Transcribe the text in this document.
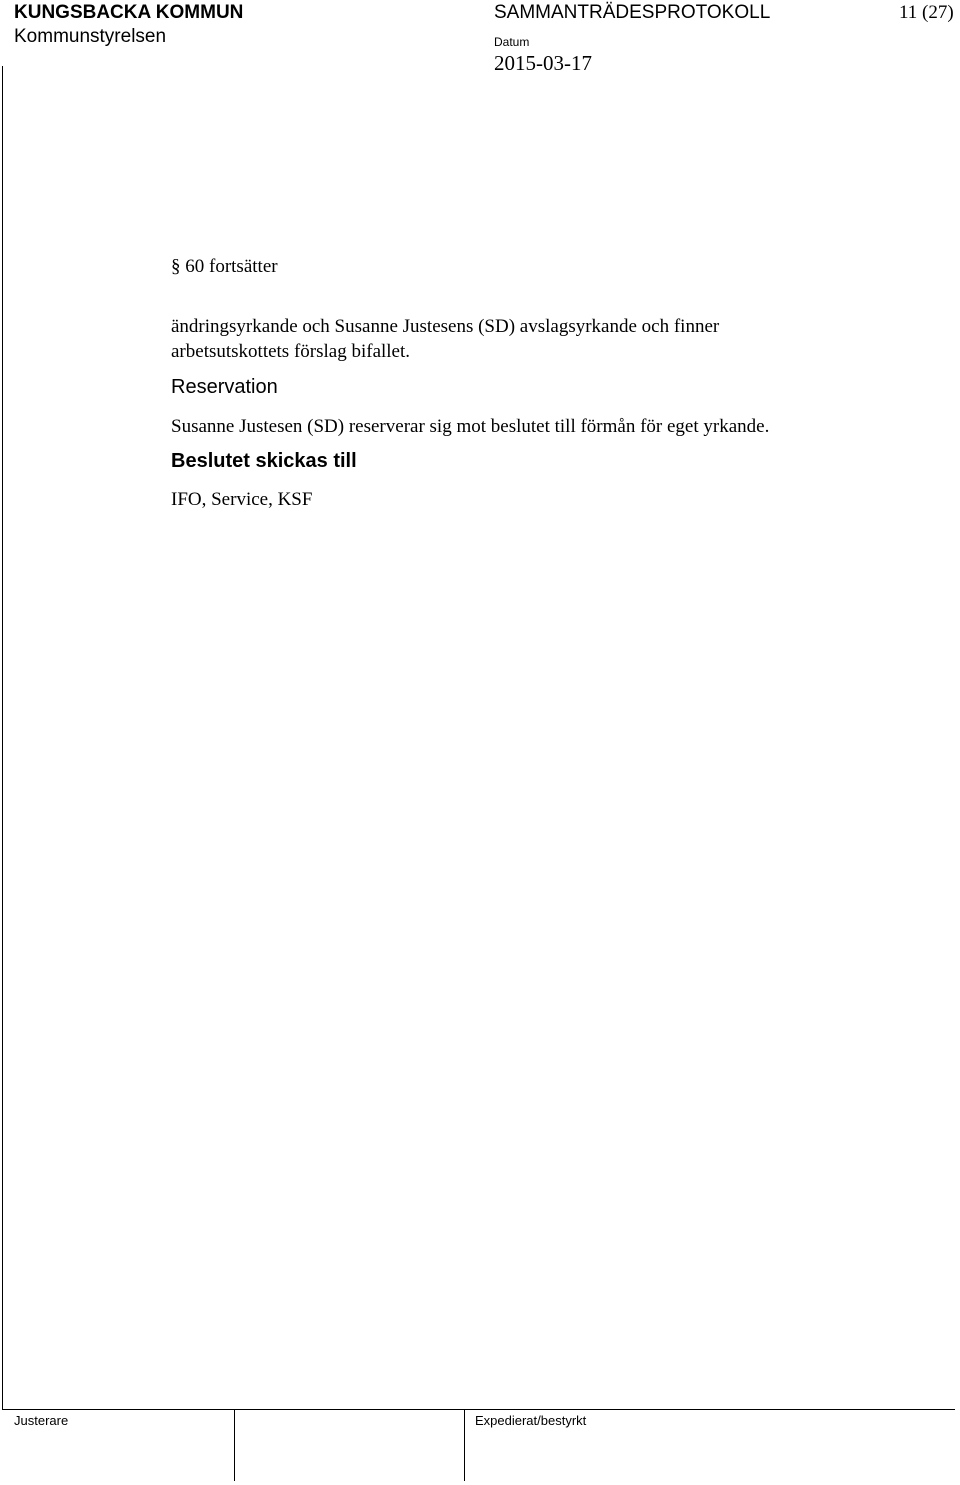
KUNGSBACKA KOMMUN
Kommunstyrelsen
SAMMANTRÄDESPROTOKOLL	11 (27)
Datum
2015-03-17
§ 60 fortsätter
ändringsyrkande och Susanne Justesens (SD) avslagsyrkande och finner
arbetsutskottets förslag bifallet.
Reservation
Susanne Justesen (SD) reserverar sig mot beslutet till förmån för eget yrkande.
Beslutet skickas till
IFO, Service, KSF
Justerare	Expedierat/bestyrkt
